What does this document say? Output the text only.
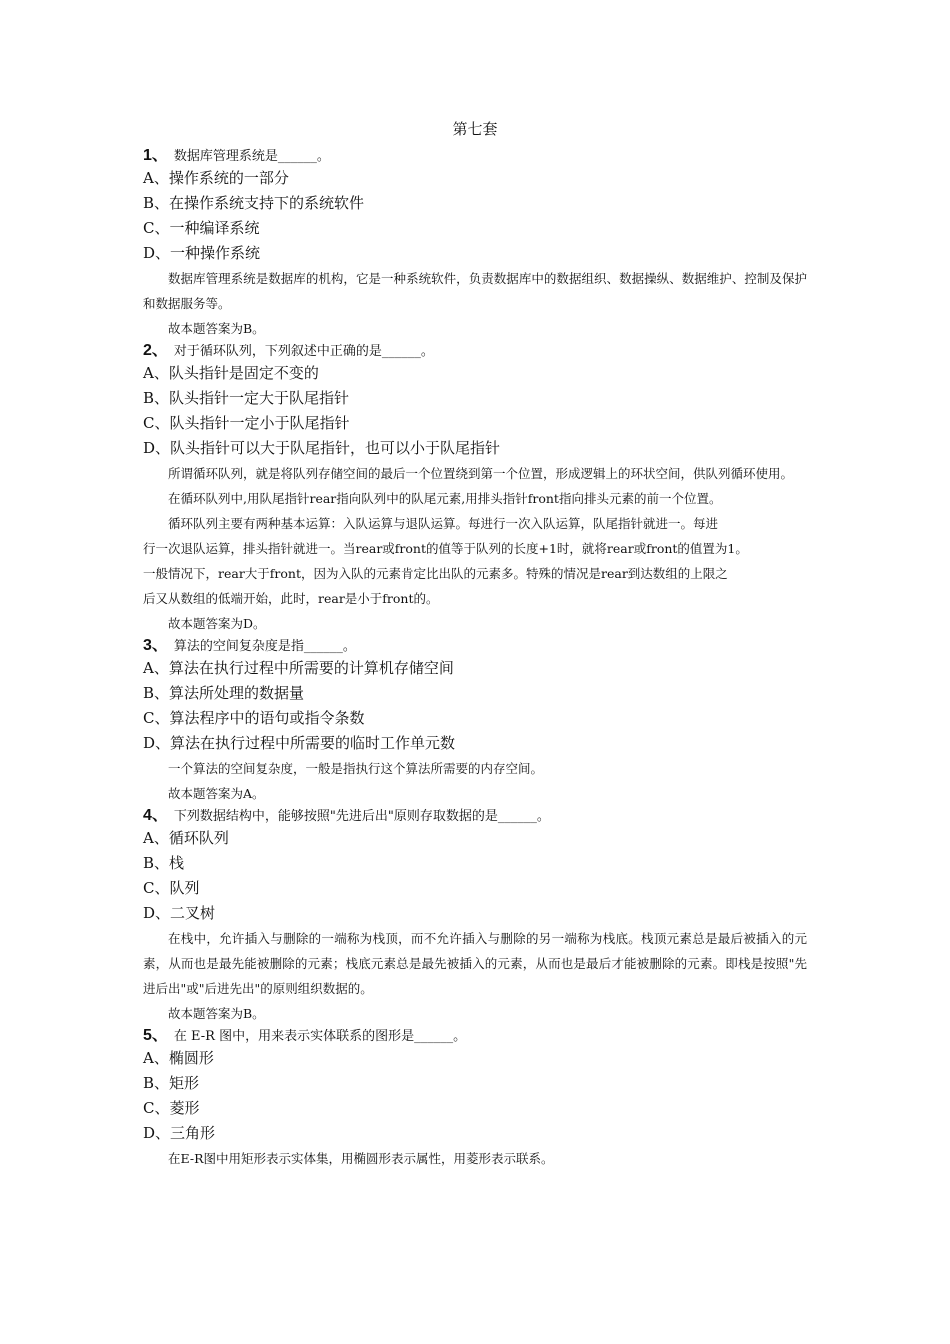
第七套
1、 数据库管理系统是______。
A、操作系统的一部分
B、在操作系统支持下的系统软件
C、一种编译系统
D、一种操作系统
数据库管理系统是数据库的机构，它是一种系统软件，负责数据库中的数据组织、数据操纵、数据维护、控制及保护和数据服务等。
故本题答案为B。
2、 对于循环队列，下列叙述中正确的是______。
A、队头指针是固定不变的
B、队头指针一定大于队尾指针
C、队头指针一定小于队尾指针
D、队头指针可以大于队尾指针，也可以小于队尾指针
所谓循环队列，就是将队列存储空间的最后一个位置绕到第一个位置，形成逻辑上的环状空间，供队列循环使用。
在循环队列中,用队尾指针rear指向队列中的队尾元素,用排头指针front指向排头元素的前一个位置。
循环队列主要有两种基本运算：入队运算与退队运算。每进行一次入队运算，队尾指针就进一。每进
行一次退队运算，排头指针就进一。当rear或front的值等于队列的长度+1时，就将rear或front的值置为1。
一般情况下，rear大于front，因为入队的元素肯定比出队的元素多。特殊的情况是rear到达数组的上限之
后又从数组的低端开始，此时，rear是小于front的。
故本题答案为D。
3、 算法的空间复杂度是指______。
A、算法在执行过程中所需要的计算机存储空间
B、算法所处理的数据量
C、算法程序中的语句或指令条数
D、算法在执行过程中所需要的临时工作单元数
一个算法的空间复杂度，一般是指执行这个算法所需要的内存空间。
故本题答案为A。
4、 下列数据结构中，能够按照"先进后出"原则存取数据的是______。
A、循环队列
B、栈
C、队列
D、二叉树
在栈中，允许插入与删除的一端称为栈顶，而不允许插入与删除的另一端称为栈底。栈顶元素总是最后被插入的元素，从而也是最先能被删除的元素；栈底元素总是最先被插入的元素，从而也是最后才能被删除的元素。即栈是按照"先进后出"或"后进先出"的原则组织数据的。
故本题答案为B。
5、 在 E-R 图中，用来表示实体联系的图形是______。
A、椭圆形
B、矩形
C、菱形
D、三角形
在E-R图中用矩形表示实体集，用椭圆形表示属性，用菱形表示联系。
